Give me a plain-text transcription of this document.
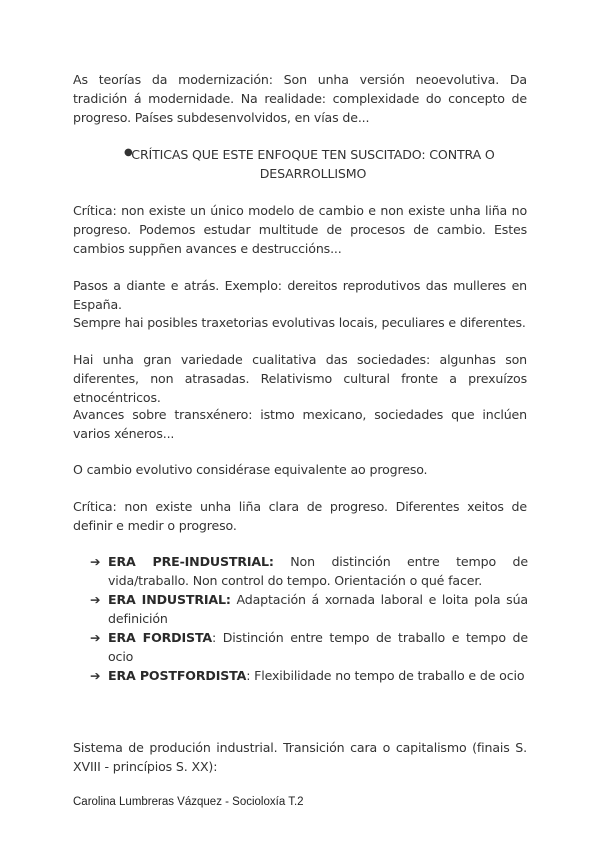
As teorías da modernización: Son unha versión neoevolutiva. Da tradición á modernidade. Na realidade: complexidade do concepto de progreso. Países subdesenvolvidos, en vías de...
●
CRÍTICAS QUE ESTE ENFOQUE TEN SUSCITADO: CONTRA O DESARROLLISMO
Crítica: non existe un único modelo de cambio e non existe unha liña no progreso. Podemos estudar multitude de procesos de cambio. Estes cambios suppñen avances e destruccións...
Pasos a diante e atrás. Exemplo: dereitos reprodutivos das mulleres en España.
Sempre hai posibles traxetorias evolutivas locais, peculiares e diferentes.
Hai unha gran variedade cualitativa das sociedades: algunhas son diferentes, non atrasadas. Relativismo cultural fronte a prexuízos etnocéntricos.
Avances sobre transxénero: istmo mexicano, sociedades que inclúen varios xéneros...
O cambio evolutivo considérase equivalente ao progreso.
Crítica: non existe unha liña clara de progreso. Diferentes xeitos de definir e medir o progreso.
➔ ERA PRE-INDUSTRIAL: Non distinción entre tempo de vida/traballo. Non control do tempo. Orientación o qué facer.
➔ ERA INDUSTRIAL: Adaptación á xornada laboral e loita pola súa definición
➔ ERA FORDISTA: Distinción entre tempo de traballo e tempo de ocio
➔ ERA POSTFORDISTA: Flexibilidade no tempo de traballo e de ocio
Sistema de produción industrial. Transición cara o capitalismo (finais S. XVIII - princípios S. XX):
Carolina Lumbreras Vázquez - Socioloxía T.2
